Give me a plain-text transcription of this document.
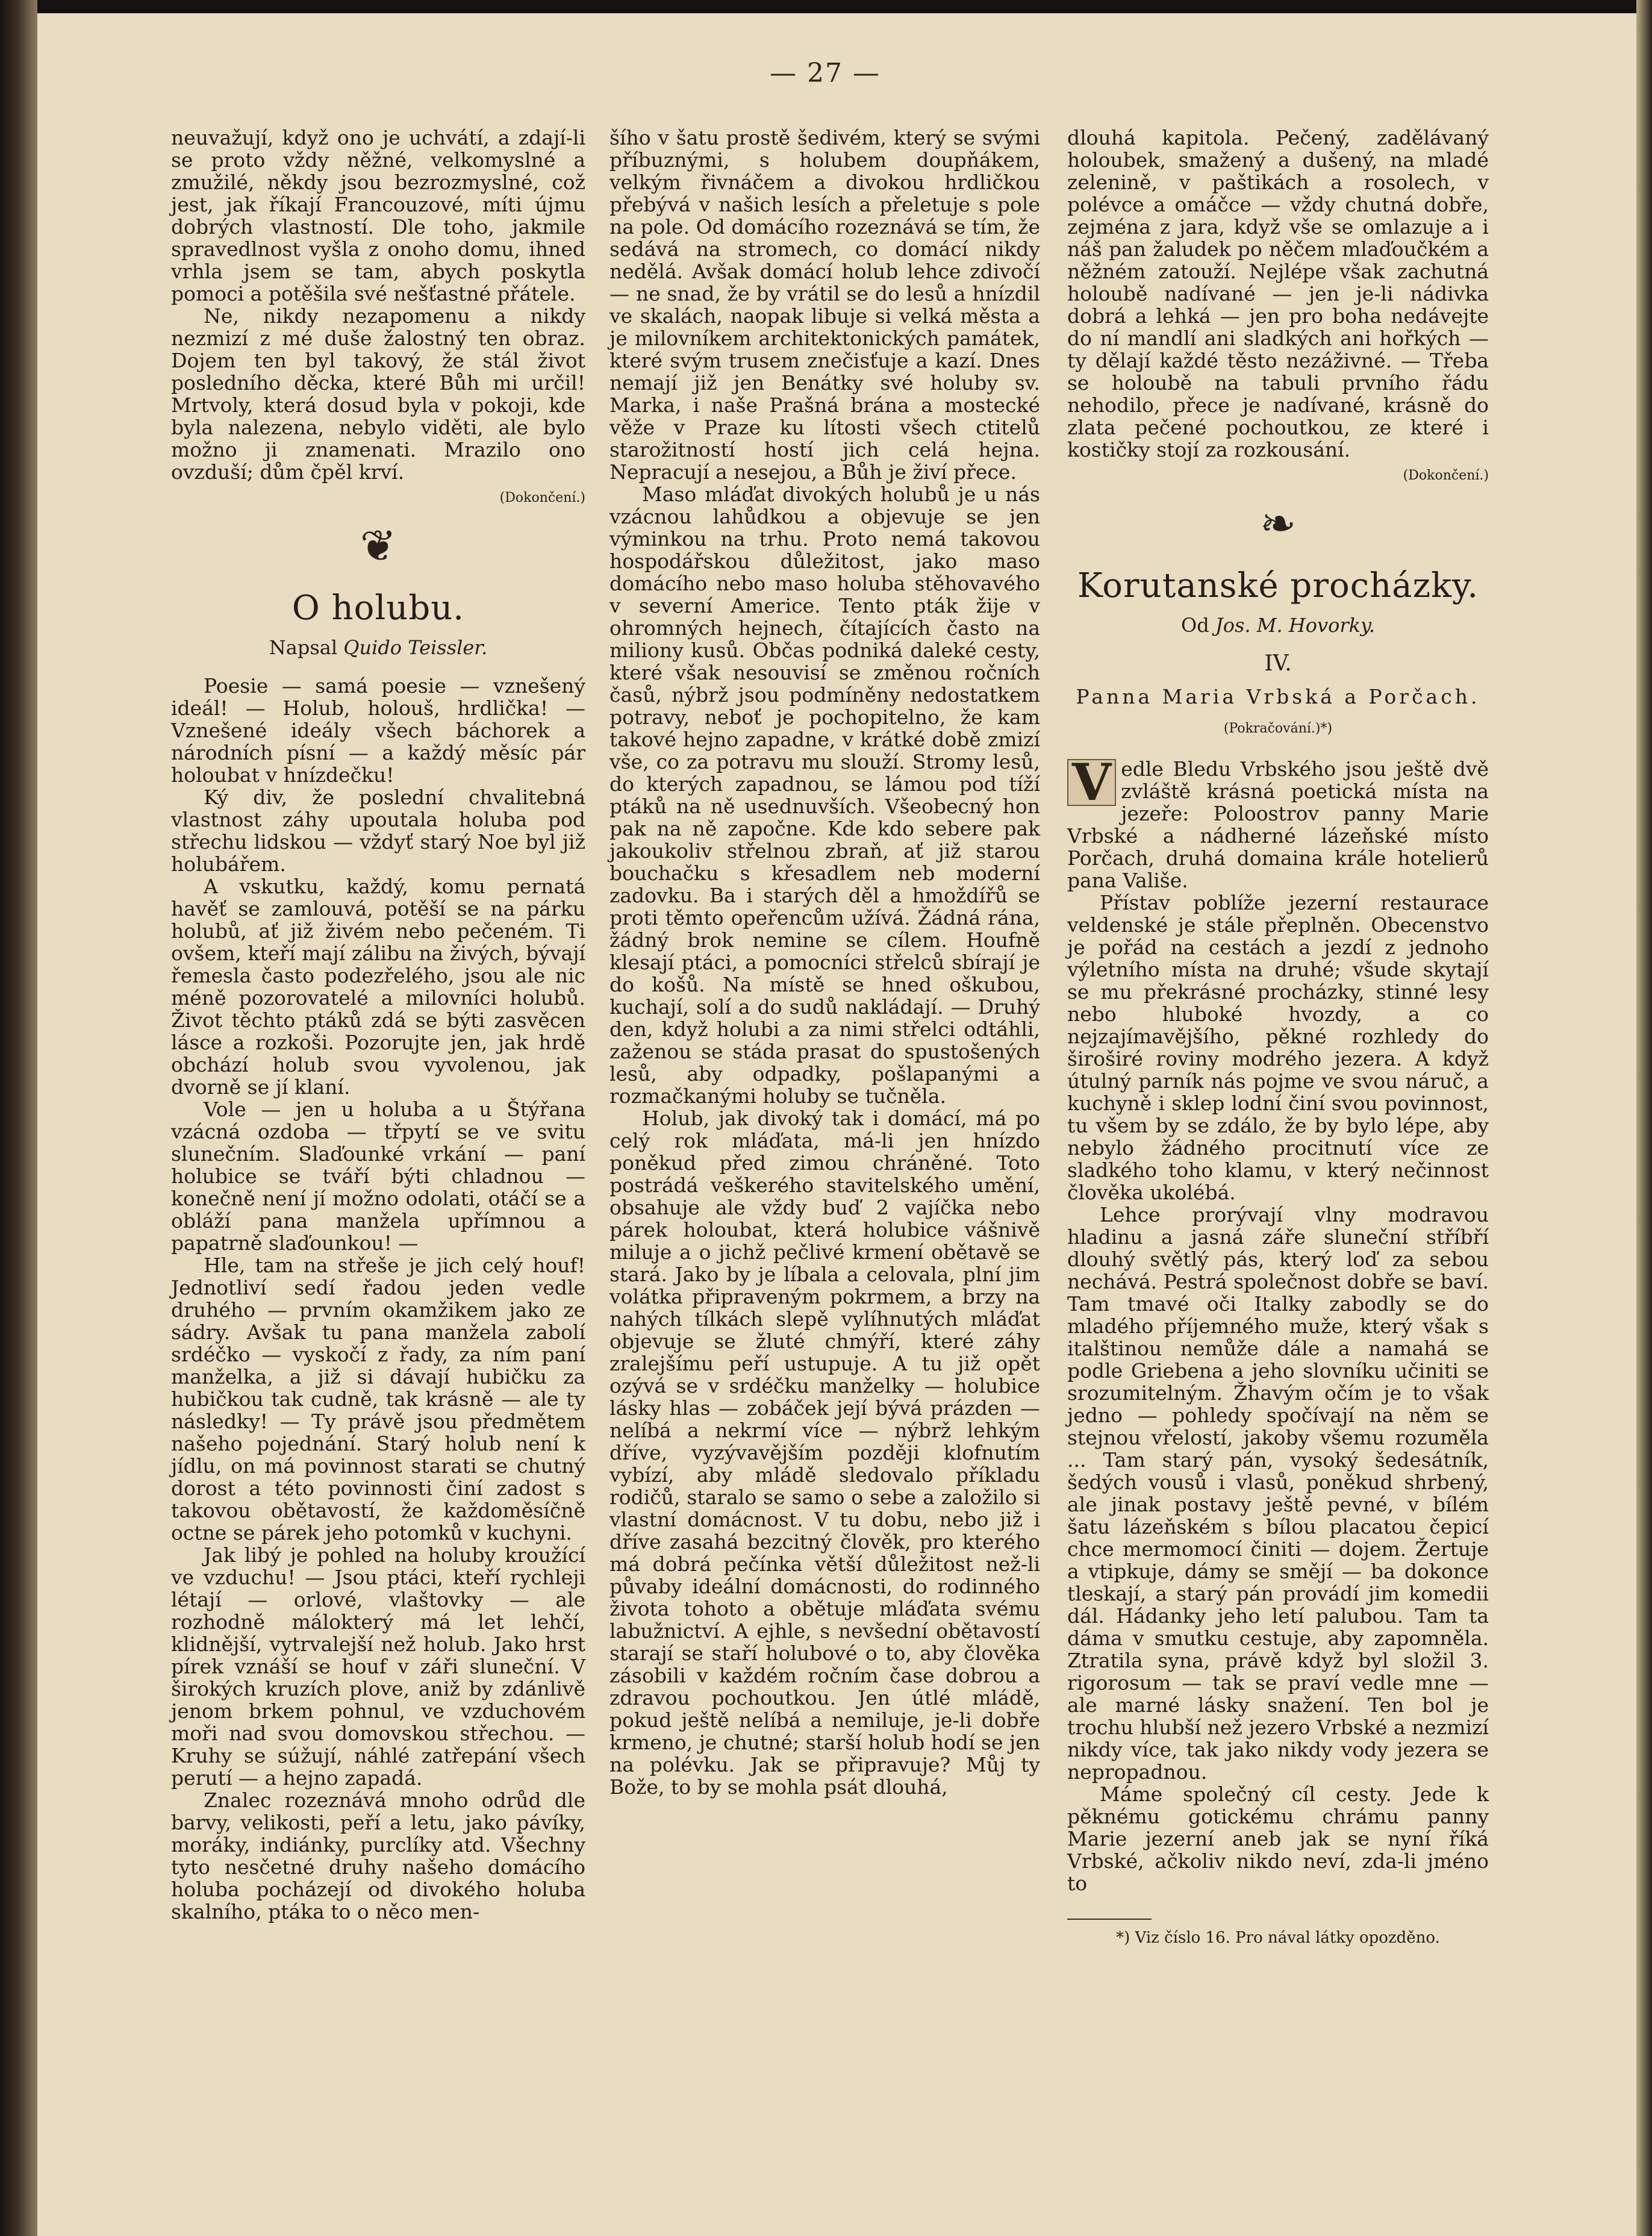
— 27 —

neuvažují, když ono je uchvátí, a zdají-li se proto vždy něžné, velkomyslné a zmužilé, někdy jsou bezrozmyslné, což jest, jak říkají Francouzové, míti újmu dobrých vlastností. Dle toho, jakmile spravedlnost vyšla z onoho domu, ihned vrhla jsem se tam, abych poskytla pomoci a potěšila své nešťastné přátele.

Ne, nikdy nezapomenu a nikdy nezmizí z mé duše žalostný ten obraz. Dojem ten byl takový, že stál život posledního děcka, které Bůh mi určil! Mrtvoly, která dosud byla v pokoji, kde byla nalezena, nebylo viděti, ale bylo možno ji znamenati. Mrazilo ono ovzduší; dům čpěl krví.

(Dokončení.)
❦
O holubu.
Napsal Quido Teissler.

Poesie — samá poesie — vznešený ideál! — Holub, holouš, hrdlička! — Vznešené ideály všech báchorek a národních písní — a každý měsíc pár holoubat v hnízdečku!

Ký div, že poslední chvalitebná vlastnost záhy upoutala holuba pod střechu lidskou — vždyť starý Noe byl již holubářem.

A vskutku, každý, komu pernatá havěť se zamlouvá, potěší se na párku holubů, ať již živém nebo pečeném. Ti ovšem, kteří mají zálibu na živých, bývají řemesla často podezřelého, jsou ale nic méně pozorovatelé a milovníci holubů. Život těchto ptáků zdá se býti zasvěcen lásce a rozkoši. Pozorujte jen, jak hrdě obchází holub svou vyvolenou, jak dvorně se jí klaní.

Vole — jen u holuba a u Štýřana vzácná ozdoba — třpytí se ve svitu slunečním. Slaďounké vrkání — paní holubice se tváří býti chladnou — konečně není jí možno odolati, otáčí se a obláží pana manžela upřímnou a papatrně slaďounkou! —

Hle, tam na střeše je jich celý houf! Jednotliví sedí řadou jeden vedle druhého — prvním okamžikem jako ze sádry. Avšak tu pana manžela zabolí srdéčko — vyskočí z řady, za ním paní manželka, a již si dávají hubičku za hubičkou tak cudně, tak krásně — ale ty následky! — Ty právě jsou předmětem našeho pojednání. Starý holub není k jídlu, on má povinnost starati se chutný dorost a této povinnosti činí zadost s takovou obětavostí, že každoměsíčně octne se párek jeho potomků v kuchyni.

Jak libý je pohled na holuby kroužící ve vzduchu! — Jsou ptáci, kteří rychleji létají — orlové, vlaštovky — ale rozhodně málokterý má let lehčí, klidnější, vytrvalejší než holub. Jako hrst pírek vznáší se houf v záři sluneční. V širokých kruzích plove, aniž by zdánlivě jenom brkem pohnul, ve vzduchovém moři nad svou domovskou střechou. — Kruhy se súžují, náhlé zatřepání všech perutí — a hejno zapadá.

Znalec rozeznává mnoho odrůd dle barvy, velikosti, peří a letu, jako pávíky, moráky, indiánky, purclíky atd. Všechny tyto nesčetné druhy našeho domácího holuba pocházejí od divokého holuba skalního, ptáka to o něco men-

šího v šatu prostě šedivém, který se svými příbuznými, s holubem doupňákem, velkým řivnáčem a divokou hrdličkou přebývá v našich lesích a přeletuje s pole na pole. Od domácího rozeznává se tím, že sedává na stromech, co domácí nikdy nedělá. Avšak domácí holub lehce zdivočí — ne snad, že by vrátil se do lesů a hnízdil ve skalách, naopak libuje si velká města a je milovníkem architektonických památek, které svým trusem znečisťuje a kazí. Dnes nemají již jen Benátky své holuby sv. Marka, i naše Prašná brána a mostecké věže v Praze ku lítosti všech ctitelů starožitností hostí jich celá hejna. Nepracují a nesejou, a Bůh je živí přece.

Maso mláďat divokých holubů je u nás vzácnou lahůdkou a objevuje se jen výminkou na trhu. Proto nemá takovou hospodářskou důležitost, jako maso domácího nebo maso holuba stěhovavého v severní Americe. Tento pták žije v ohromných hejnech, čítajících často na miliony kusů. Občas podniká daleké cesty, které však nesouvisí se změnou ročních časů, nýbrž jsou podmíněny nedostatkem potravy, neboť je pochopitelno, že kam takové hejno zapadne, v krátké době zmizí vše, co za potravu mu slouží. Stromy lesů, do kterých zapadnou, se lámou pod tíží ptáků na ně usednuvších. Všeobecný hon pak na ně započne. Kde kdo sebere pak jakoukoliv střelnou zbraň, ať již starou bouchačku s křesadlem neb moderní zadovku. Ba i starých děl a hmoždířů se proti těmto opeřencům užívá. Žádná rána, žádný brok nemine se cílem. Houfně klesají ptáci, a pomocníci střelců sbírají je do košů. Na místě se hned oškubou, kuchají, solí a do sudů nakládají. — Druhý den, když holubi a za nimi střelci odtáhli, zaženou se stáda prasat do spustošených lesů, aby odpadky, pošlapanými a rozmačkanými holuby se tučněla.

Holub, jak divoký tak i domácí, má po celý rok mláďata, má-li jen hnízdo poněkud před zimou chráněné. Toto postrádá veškerého stavitelského umění, obsahuje ale vždy buď 2 vajíčka nebo párek holoubat, která holubice vášnivě miluje a o jichž pečlivé krmení obětavě se stará. Jako by je líbala a celovala, plní jim volátka připraveným pokrmem, a brzy na nahých tílkách slepě vylíhnutých mláďat objevuje se žluté chmýří, které záhy zralejšímu peří ustupuje. A tu již opět ozývá se v srdéčku manželky — holubice lásky hlas — zobáček její bývá prázden — nelíbá a nekrmí více — nýbrž lehkým dříve, vyzývavějším později klofnutím vybízí, aby mládě sledovalo příkladu rodičů, staralo se samo o sebe a založilo si vlastní domácnost. V tu dobu, nebo již i dříve zasahá bezcitný člověk, pro kterého má dobrá pečínka větší důležitost než-li půvaby ideální domácnosti, do rodinného života tohoto a obětuje mláďata svému labužnictví. A ejhle, s nevšední obětavostí starají se staří holubové o to, aby člověka zásobili v každém ročním čase dobrou a zdravou pochoutkou. Jen útlé mládě, pokud ještě nelíbá a nemiluje, je-li dobře krmeno, je chutné; starší holub hodí se jen na polévku. Jak se připravuje? Můj ty Bože, to by se mohla psát dlouhá,

dlouhá kapitola. Pečený, zadělávaný holoubek, smažený a dušený, na mladé zelenině, v paštikách a rosolech, v polévce a omáčce — vždy chutná dobře, zejména z jara, když vše se omlazuje a i náš pan žaludek po něčem mlaďoučkém a něžném zatouží. Nejlépe však zachutná holoubě nadívané — jen je-li nádivka dobrá a lehká — jen pro boha nedávejte do ní mandlí ani sladkých ani hořkých — ty dělají každé těsto nezáživné. — Třeba se holoubě na tabuli prvního řádu nehodilo, přece je nadívané, krásně do zlata pečené pochoutkou, ze které i kostičky stojí za rozkousání.

(Dokončení.)
❧
Korutanské procházky.
Od Jos. M. Hovorky.
IV.
Panna Maria Vrbská a Porčach.
(Pokračování.)*)

V edle Bledu Vrbského jsou ještě dvě zvláště krásná poetická místa na jezeře: Poloostrov panny Marie Vrbské a nádherné lázeňské místo Porčach, druhá domaina krále hotelierů pana Vališe.

Přístav poblíže jezerní restaurace veldenské je stále přeplněn. Obecenstvo je pořád na cestách a jezdí z jednoho výletního místa na druhé; všude skytají se mu překrásné procházky, stinné lesy nebo hluboké hvozdy, a co nejzajímavějšího, pěkné rozhledy do široširé roviny modrého jezera. A když útulný parník nás pojme ve svou náruč, a kuchyně i sklep lodní činí svou povinnost, tu všem by se zdálo, že by bylo lépe, aby nebylo žádného procitnutí více ze sladkého toho klamu, v který nečinnost člověka ukolébá.

Lehce prorývají vlny modravou hladinu a jasná záře sluneční stříbří dlouhý světlý pás, který loď za sebou nechává. Pestrá společnost dobře se baví. Tam tmavé oči Italky zabodly se do mladého příjemného muže, který však s italštinou nemůže dále a namahá se podle Griebena a jeho slovníku učiniti se srozumitelným. Žhavým očím je to však jedno — pohledy spočívají na něm se stejnou vřelostí, jakoby všemu rozuměla ... Tam starý pán, vysoký šedesátník, šedých vousů i vlasů, poněkud shrbený, ale jinak postavy ještě pevné, v bílém šatu lázeňském s bílou placatou čepicí chce mermomocí činiti — dojem. Žertuje a vtipkuje, dámy se smějí — ba dokonce tleskají, a starý pán provádí jim komedii dál. Hádanky jeho letí palubou. Tam ta dáma v smutku cestuje, aby zapomněla. Ztratila syna, právě když byl složil 3. rigorosum — tak se praví vedle mne — ale marné lásky snažení. Ten bol je trochu hlubší než jezero Vrbské a nezmizí nikdy více, tak jako nikdy vody jezera se nepropadnou.

Máme společný cíl cesty. Jede k pěknému gotickému chrámu panny Marie jezerní aneb jak se nyní říká Vrbské, ačkoliv nikdo neví, zda-li jméno to

*) Viz číslo 16. Pro nával látky opozděno.
